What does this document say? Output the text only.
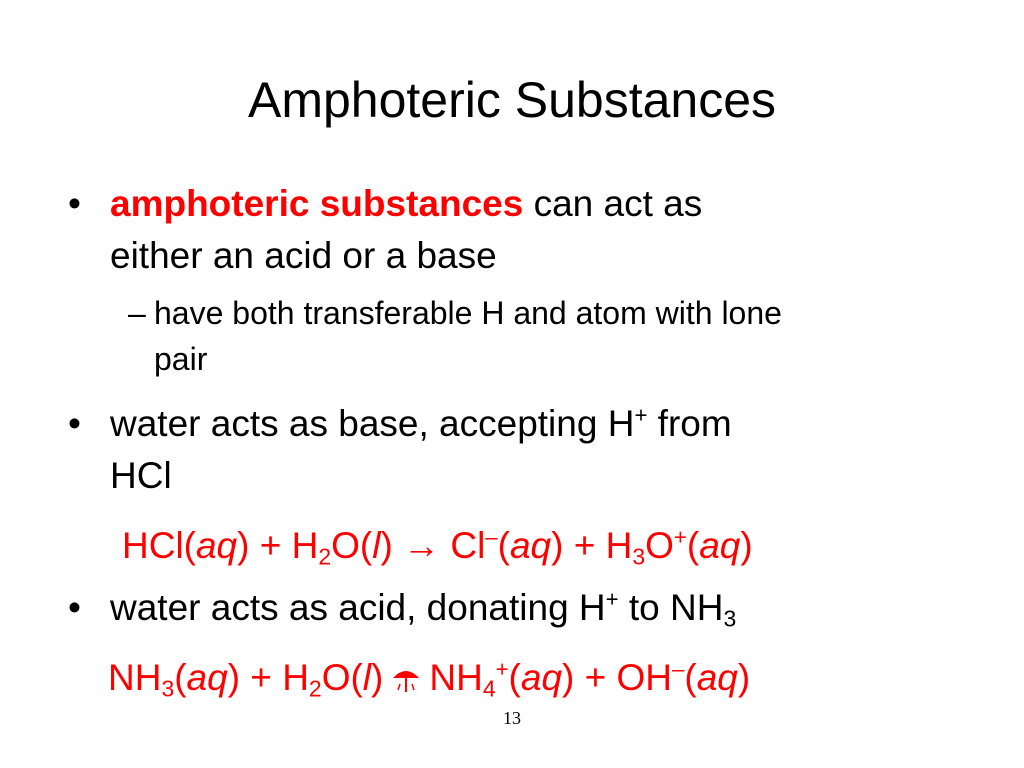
Amphoteric Substances
• amphoteric substances can act as
either an acid or a base
– have both transferable H and atom with lone
pair
• water acts as base, accepting H+ from
HCl
$HCl(aq) + H_2O(l) \to Cl^-(aq) + H_3O^+(aq)$
• water acts as acid, donating H+ to $NH_3$
$NH_3(aq) + H_2O(l) NH_4^+(aq) + OH^-(aq)$
13
